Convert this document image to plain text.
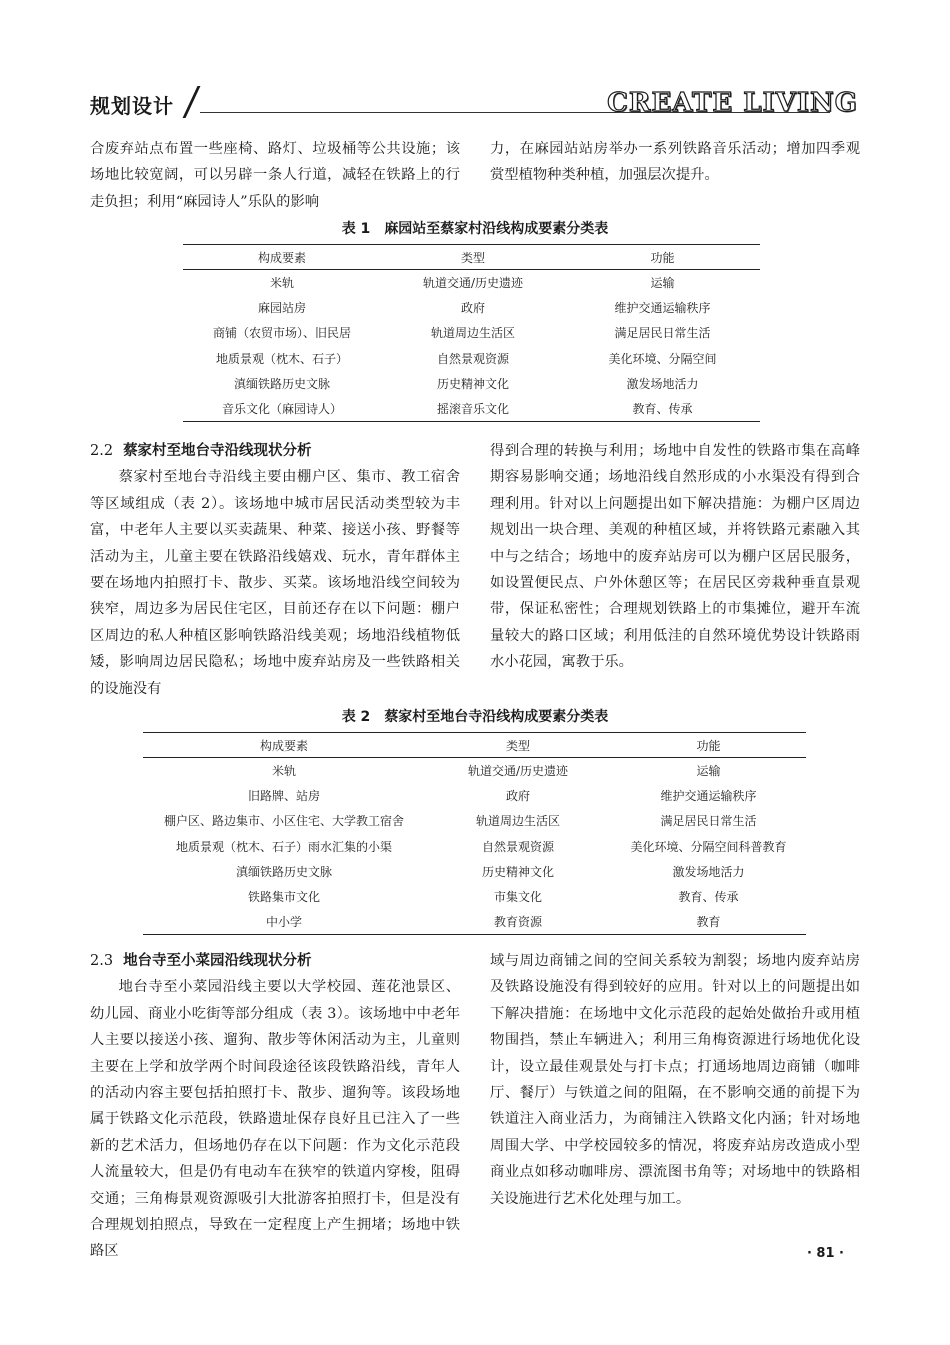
规划设计	CREATE LIVING

合废弃站点布置一些座椅、路灯、垃圾桶等公共设施；该场地比较宽阔，可以另辟一条人行道，减轻在铁路上的行走负担；利用“麻园诗人”乐队的影响

力，在麻园站站房举办一系列铁路音乐活动；增加四季观赏型植物种类种植，加强层次提升。

表 1 麻园站至蔡家村沿线构成要素分类表
构成要素	类型	功能
米轨	轨道交通/历史遗迹	运输
麻园站房	政府	维护交通运输秩序
商铺（农贸市场）、旧民居	轨道周边生活区	满足居民日常生活
地质景观（枕木、石子）	自然景观资源	美化环境、分隔空间
滇缅铁路历史文脉	历史精神文化	激发场地活力
音乐文化（麻园诗人）	摇滚音乐文化	教育、传承

2.2 蔡家村至地台寺沿线现状分析

蔡家村至地台寺沿线主要由棚户区、集市、教工宿舍等区域组成（表 2）。该场地中城市居民活动类型较为丰富，中老年人主要以买卖蔬果、种菜、接送小孩、野餐等活动为主，儿童主要在铁路沿线嬉戏、玩水，青年群体主要在场地内拍照打卡、散步、买菜。该场地沿线空间较为狭窄，周边多为居民住宅区，目前还存在以下问题：棚户区周边的私人种植区影响铁路沿线美观；场地沿线植物低矮，影响周边居民隐私；场地中废弃站房及一些铁路相关的设施没有

得到合理的转换与利用；场地中自发性的铁路市集在高峰期容易影响交通；场地沿线自然形成的小水渠没有得到合理利用。针对以上问题提出如下解决措施：为棚户区周边规划出一块合理、美观的种植区域，并将铁路元素融入其中与之结合；场地中的废弃站房可以为棚户区居民服务，如设置便民点、户外休憩区等；在居民区旁栽种垂直景观带，保证私密性；合理规划铁路上的市集摊位，避开车流量较大的路口区域；利用低洼的自然环境优势设计铁路雨水小花园，寓教于乐。

表 2 蔡家村至地台寺沿线构成要素分类表
构成要素	类型	功能
米轨	轨道交通/历史遗迹	运输
旧路牌、站房	政府	维护交通运输秩序
棚户区、路边集市、小区住宅、大学教工宿舍	轨道周边生活区	满足居民日常生活
地质景观（枕木、石子）雨水汇集的小渠	自然景观资源	美化环境、分隔空间科普教育
滇缅铁路历史文脉	历史精神文化	激发场地活力
铁路集市文化	市集文化	教育、传承
中小学	教育资源	教育

2.3 地台寺至小菜园沿线现状分析

地台寺至小菜园沿线主要以大学校园、莲花池景区、幼儿园、商业小吃街等部分组成（表 3）。该场地中中老年人主要以接送小孩、遛狗、散步等休闲活动为主，儿童则主要在上学和放学两个时间段途径该段铁路沿线，青年人的活动内容主要包括拍照打卡、散步、遛狗等。该段场地属于铁路文化示范段，铁路遗址保存良好且已注入了一些新的艺术活力，但场地仍存在以下问题：作为文化示范段人流量较大，但是仍有电动车在狭窄的铁道内穿梭，阻碍交通；三角梅景观资源吸引大批游客拍照打卡，但是没有合理规划拍照点，导致在一定程度上产生拥堵；场地中铁路区

域与周边商铺之间的空间关系较为割裂；场地内废弃站房及铁路设施没有得到较好的应用。针对以上的问题提出如下解决措施：在场地中文化示范段的起始处做抬升或用植物围挡，禁止车辆进入；利用三角梅资源进行场地优化设计，设立最佳观景处与打卡点；打通场地周边商铺（咖啡厅、餐厅）与铁道之间的阻隔，在不影响交通的前提下为铁道注入商业活力，为商铺注入铁路文化内涵；针对场地周围大学、中学校园较多的情况，将废弃站房改造成小型商业点如移动咖啡房、漂流图书角等；对场地中的铁路相关设施进行艺术化处理与加工。

· 81 ·
